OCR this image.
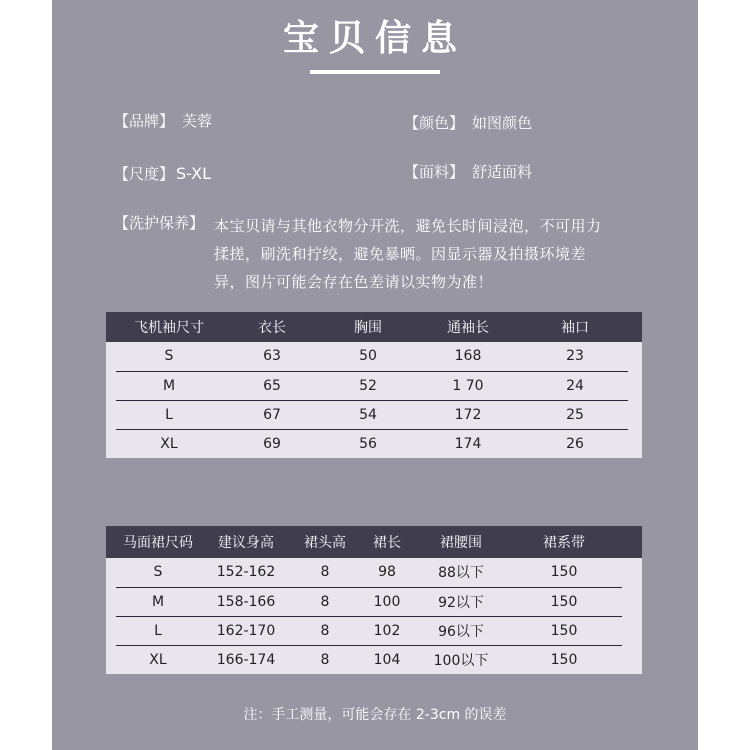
宝贝信息
【品牌】 芙蓉	【颜色】 如图颜色
【尺度】 S-XL	【面料】 舒适面料
【洗护保养】 本宝贝请与其他衣物分开洗，避免长时间浸泡，不可用力揉搓，刷洗和拧绞，避免暴晒。因显示器及拍摄环境差异，图片可能会存在色差请以实物为准！
	飞机袖尺寸	衣长	胸围	通袖长	袖口	
	S	63	50	168	23	
	M	65	52	1 70	24	
	L	67	54	172	25	
	XL	69	56	174	26	
	马面裙尺码	建议身高	裙头高	裙长	裙腰围	裙系带	
	S	152-162	8	98	88以下	150	
	M	158-166	8	100	92以下	150	
	L	162-170	8	102	96以下	150	
	XL	166-174	8	104	100以下	150	
注：手工测量，可能会存在 2-3cm 的误差
